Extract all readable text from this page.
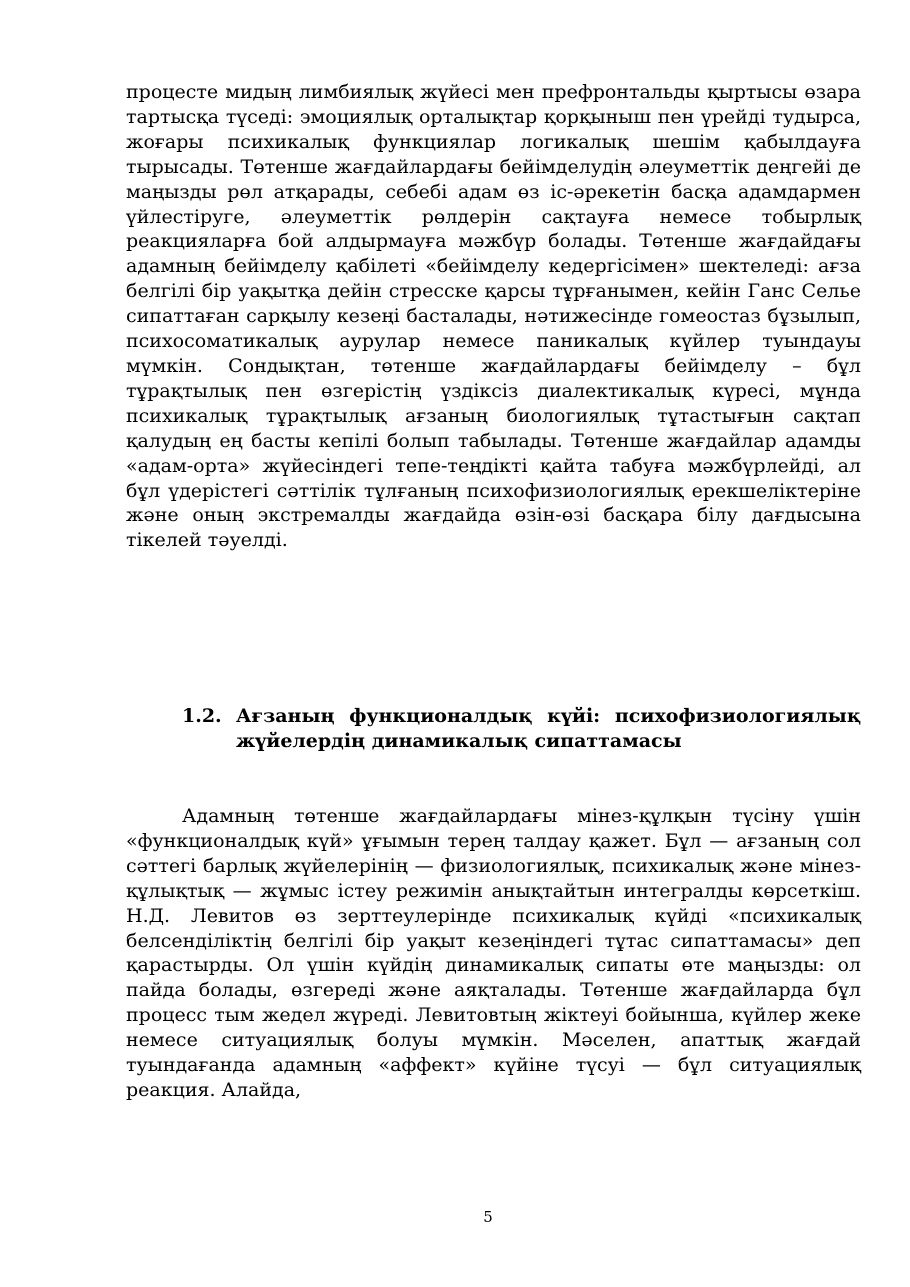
процесте мидың лимбиялық жүйесі мен префронтальды қыртысы өзара тартысқа түседі: эмоциялық орталықтар қорқыныш пен үрейді тудырса, жоғары психикалық функциялар логикалық шешім қабылдауға тырысады. Төтенше жағдайлардағы бейімделудің әлеуметтік деңгейі де маңызды рөл атқарады, себебі адам өз іс-әрекетін басқа адамдармен үйлестіруге, әлеуметтік рөлдерін сақтауға немесе тобырлық реакцияларға бой алдырмауға мәжбүр болады. Төтенше жағдайдағы адамның бейімделу қабілеті «бейімделу кедергісімен» шектеледі: ағза белгілі бір уақытқа дейін стресске қарсы тұрғанымен, кейін Ганс Селье сипаттаған сарқылу кезеңі басталады, нәтижесінде гомеостаз бұзылып, психосоматикалық аурулар немесе паникалық күйлер туындауы мүмкін. Сондықтан, төтенше жағдайлардағы бейімделу – бұл тұрақтылық пен өзгерістің үздіксіз диалектикалық күресі, мұнда психикалық тұрақтылық ағзаның биологиялық тұтастығын сақтап қалудың ең басты кепілі болып табылады. Төтенше жағдайлар адамды «адам-орта» жүйесіндегі тепе-теңдікті қайта табуға мәжбүрлейді, ал бұл үдерістегі сәттілік тұлғаның психофизиологиялық ерекшеліктеріне және оның экстремалды жағдайда өзін-өзі басқара білу дағдысына тікелей тәуелді.

1.2. Ағзаның функционалдық күйі: психофизиологиялық жүйелердің динамикалық сипаттамасы

Адамның төтенше жағдайлардағы мінез-құлқын түсіну үшін «функционалдық күй» ұғымын терең талдау қажет. Бұл — ағзаның сол сәттегі барлық жүйелерінің — физиологиялық, психикалық және мінез-құлықтық — жұмыс істеу режимін анықтайтын интегралды көрсеткіш. Н.Д. Левитов өз зерттеулерінде психикалық күйді «психикалық белсенділіктің белгілі бір уақыт кезеңіндегі тұтас сипаттамасы» деп қарастырды. Ол үшін күйдің динамикалық сипаты өте маңызды: ол пайда болады, өзгереді және аяқталады. Төтенше жағдайларда бұл процесс тым жедел жүреді. Левитовтың жіктеуі бойынша, күйлер жеке немесе ситуациялық болуы мүмкін. Мәселен, апаттық жағдай туындағанда адамның «аффект» күйіне түсуі — бұл ситуациялық реакция. Алайда,

5
